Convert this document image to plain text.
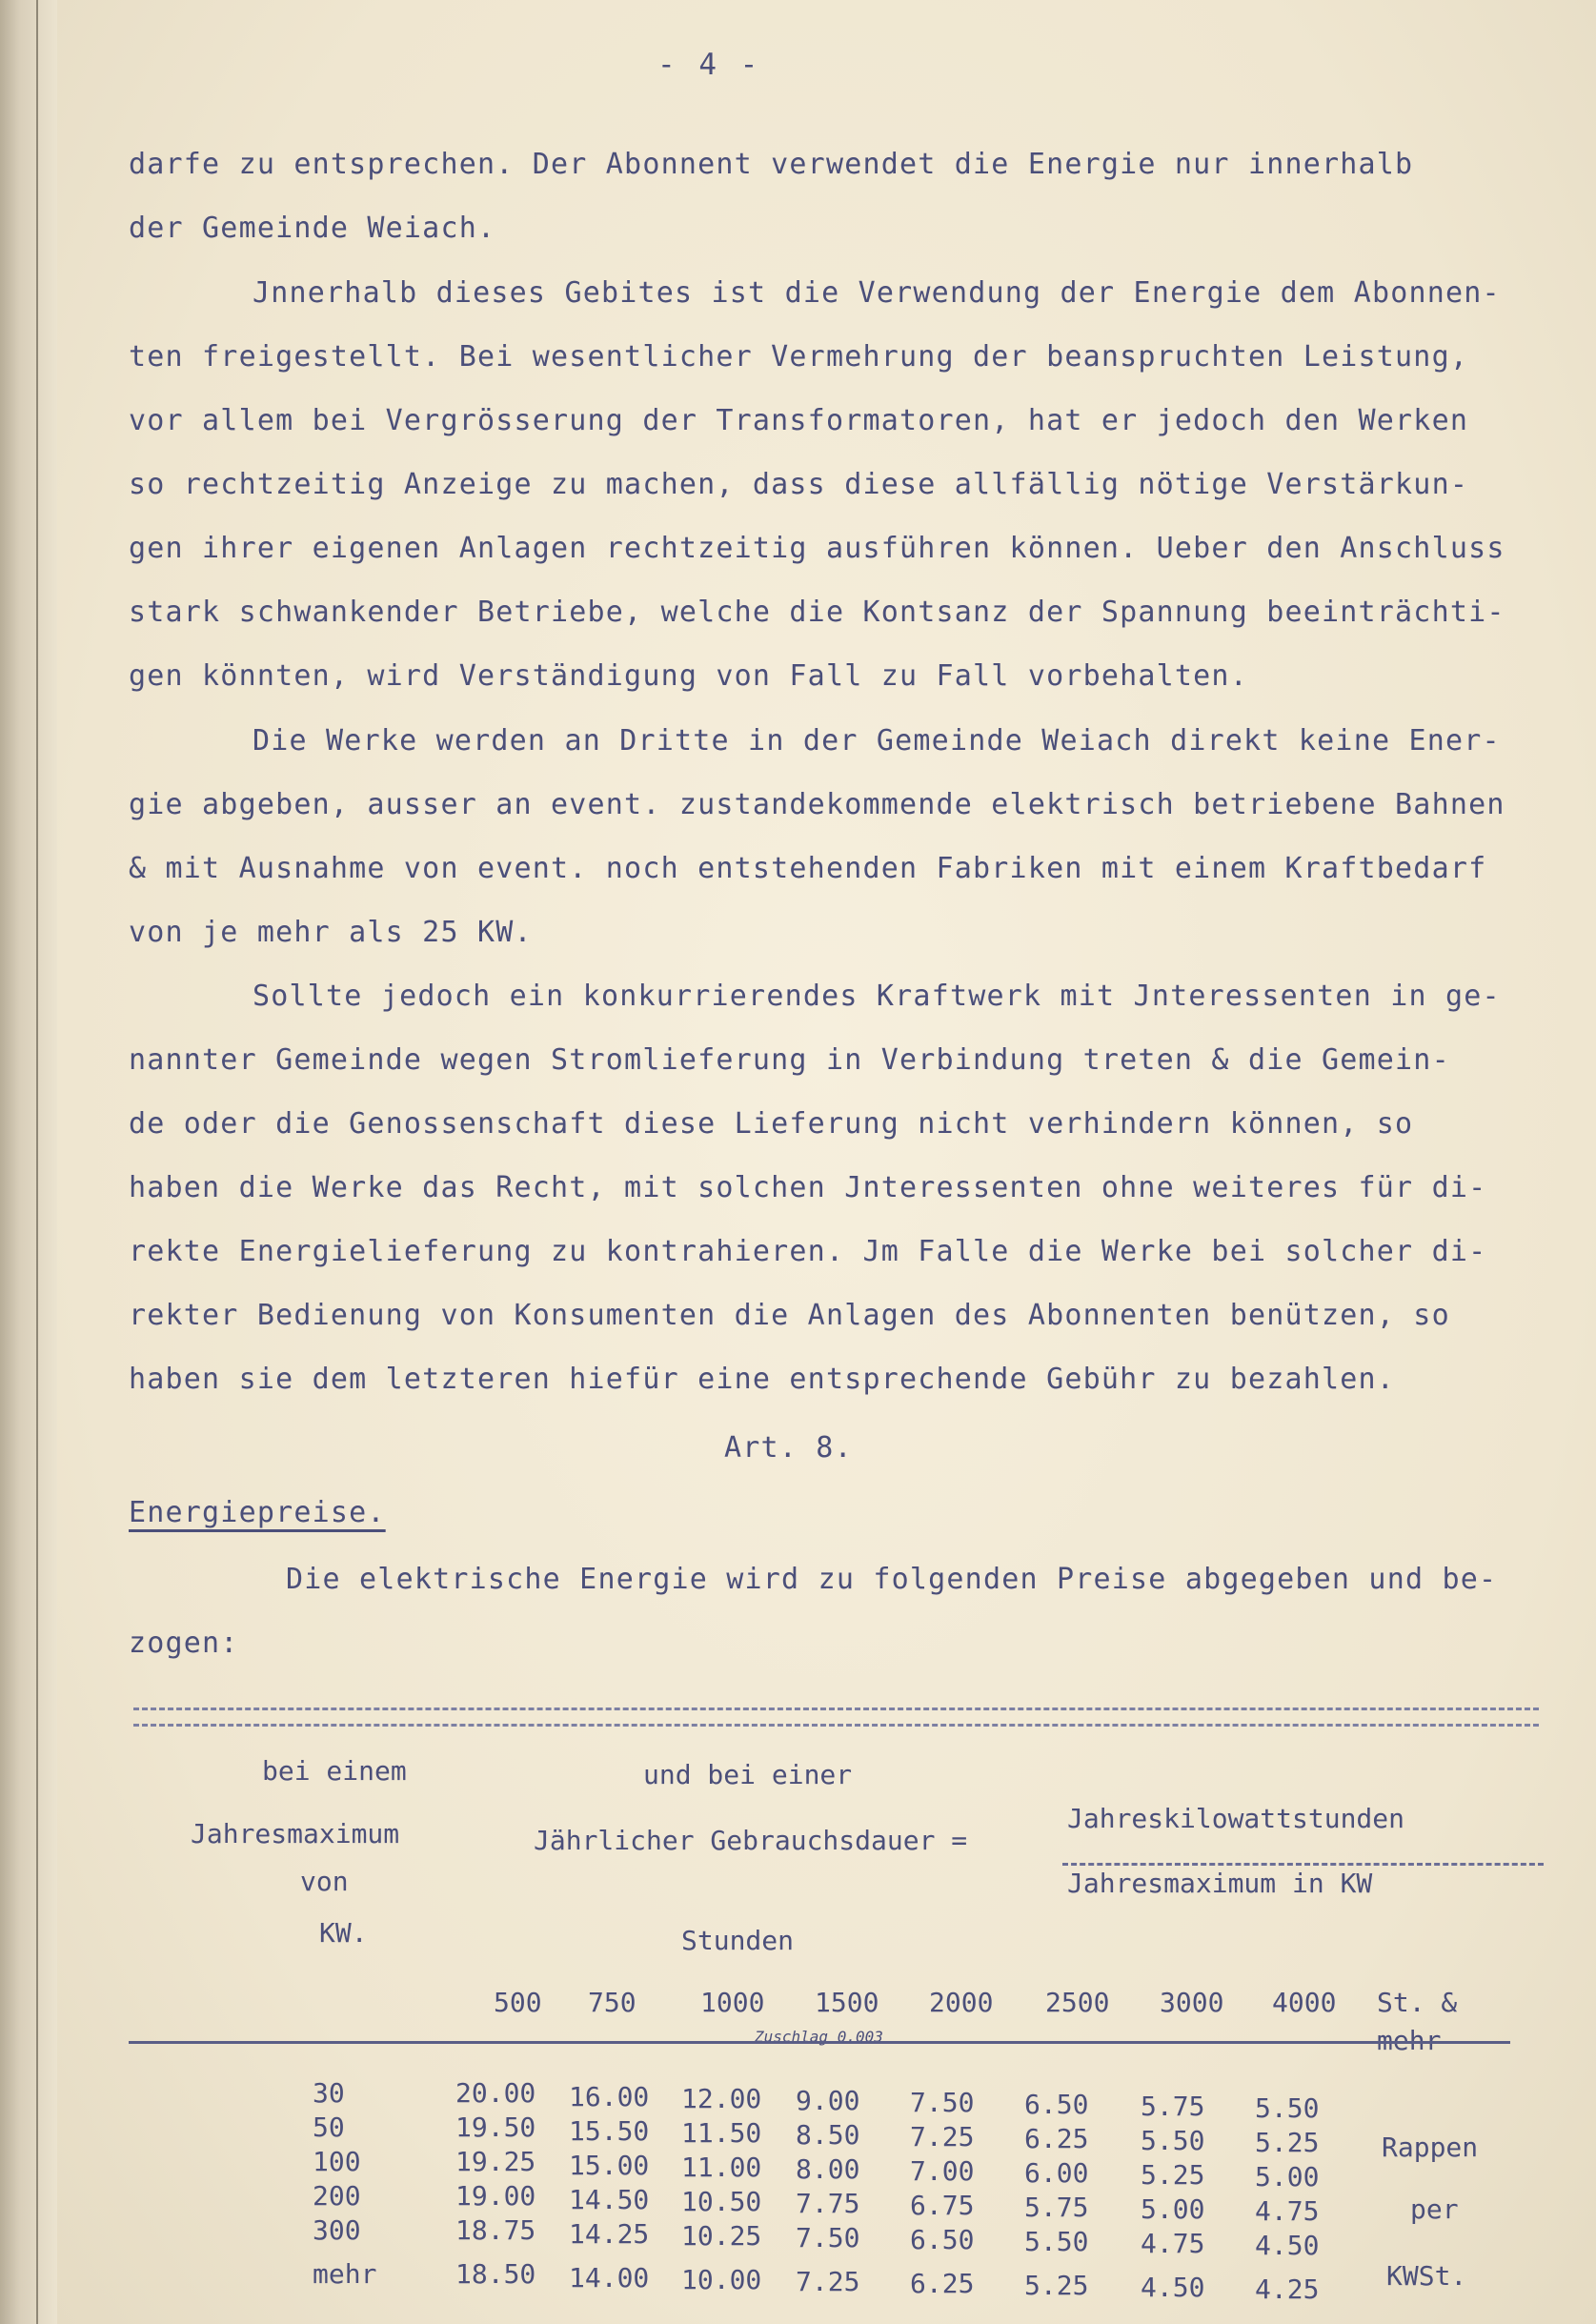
- 4 -
darfe zu entsprechen. Der Abonnent verwendet die Energie nur innerhalb
der Gemeinde Weiach.
Jnnerhalb dieses Gebites ist die Verwendung der Energie dem Abonnen-
ten freigestellt. Bei wesentlicher Vermehrung der beanspruchten Leistung,
vor allem bei Vergrösserung der Transformatoren, hat er jedoch den Werken
so rechtzeitig Anzeige zu machen, dass diese allfällig nötige Verstärkun-
gen ihrer eigenen Anlagen rechtzeitig ausführen können. Ueber den Anschluss
stark schwankender Betriebe, welche die Kontsanz der Spannung beeinträchti-
gen könnten, wird Verständigung von Fall zu Fall vorbehalten.
Die Werke werden an Dritte in der Gemeinde Weiach direkt keine Ener-
gie abgeben, ausser an event. zustandekommende elektrisch betriebene Bahnen
& mit Ausnahme von event. noch entstehenden Fabriken mit einem Kraftbedarf
von je mehr als 25 KW.
Sollte jedoch ein konkurrierendes Kraftwerk mit Jnteressenten in ge-
nannter Gemeinde wegen Stromlieferung in Verbindung treten & die Gemein-
de oder die Genossenschaft diese Lieferung nicht verhindern können, so
haben die Werke das Recht, mit solchen Jnteressenten ohne weiteres für di-
rekte Energielieferung zu kontrahieren. Jm Falle die Werke bei solcher di-
rekter Bedienung von Konsumenten die Anlagen des Abonnenten benützen, so
haben sie dem letzteren hiefür eine entsprechende Gebühr zu bezahlen.
Art. 8.
Energiepreise.
Die elektrische Energie wird zu folgenden Preise abgegeben und be-
zogen:
bei einem
Jahresmaximum
von
KW.
und bei einer
Jährlicher Gebrauchsdauer =
Stunden
Jahreskilowattstunden
Jahresmaximum in KW
500 750 1000 1500 2000 2500 3000 4000 St. &
mehr
Zuschlag 0,003
30	20.00 16.00 12.00 9.00 7.50 6.50 5.75 5.50
50	19.50 15.50 11.50 8.50 7.25 6.25 5.50 5.25
100	19.25 15.00 11.00 8.00 7.00 6.00 5.25 5.00
200	19.00 14.50 10.50 7.75 6.75 5.75 5.00 4.75
300	18.75 14.25 10.25 7.50 6.50 5.50 4.75 4.50
mehr	18.50 14.00 10.00 7.25 6.25 5.25 4.50 4.25
Rappen
per
KWSt.
